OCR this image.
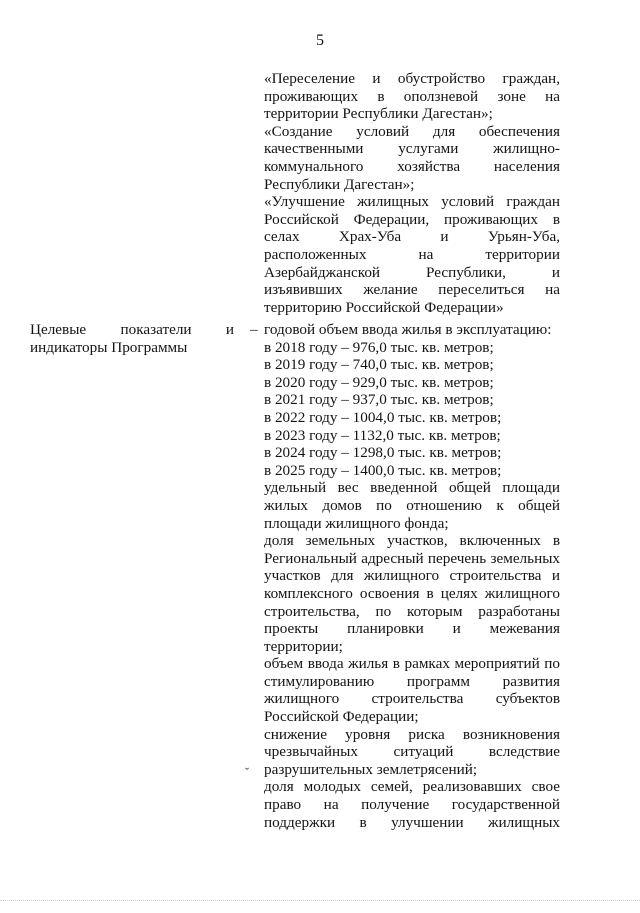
5
«Переселение и обустройство граждан,
проживающих в оползневой зоне на
территории Республики Дагестан»;
«Создание условий для обеспечения
качественными услугами жилищно-
коммунального хозяйства населения
Республики Дагестан»;
«Улучшение жилищных условий граждан
Российской Федерации, проживающих в
селах Храх-Уба и Урьян-Уба,
расположенных на территории
Азербайджанской Республики, и
изъявивших желание переселиться на
территорию Российской Федерации»
Целевые показатели и
индикаторы Программы
– годовой объем ввода жилья в эксплуатацию:
в 2018 году – 976,0 тыс. кв. метров;
в 2019 году – 740,0 тыс. кв. метров;
в 2020 году – 929,0 тыс. кв. метров;
в 2021 году – 937,0 тыс. кв. метров;
в 2022 году – 1004,0 тыс. кв. метров;
в 2023 году – 1132,0 тыс. кв. метров;
в 2024 году – 1298,0 тыс. кв. метров;
в 2025 году – 1400,0 тыс. кв. метров;
удельный вес введенной общей площади
жилых домов по отношению к общей
площади жилищного фонда;
доля земельных участков, включенных в
Региональный адресный перечень земельных
участков для жилищного строительства и
комплексного освоения в целях жилищного
строительства, по которым разработаны
проекты планировки и межевания
территории;
объем ввода жилья в рамках мероприятий по
стимулированию программ развития
жилищного строительства субъектов
Российской Федерации;
снижение уровня риска возникновения
чрезвычайных ситуаций вследствие
разрушительных землетрясений;
доля молодых семей, реализовавших свое
право на получение государственной
поддержки в улучшении жилищных
ˇ
